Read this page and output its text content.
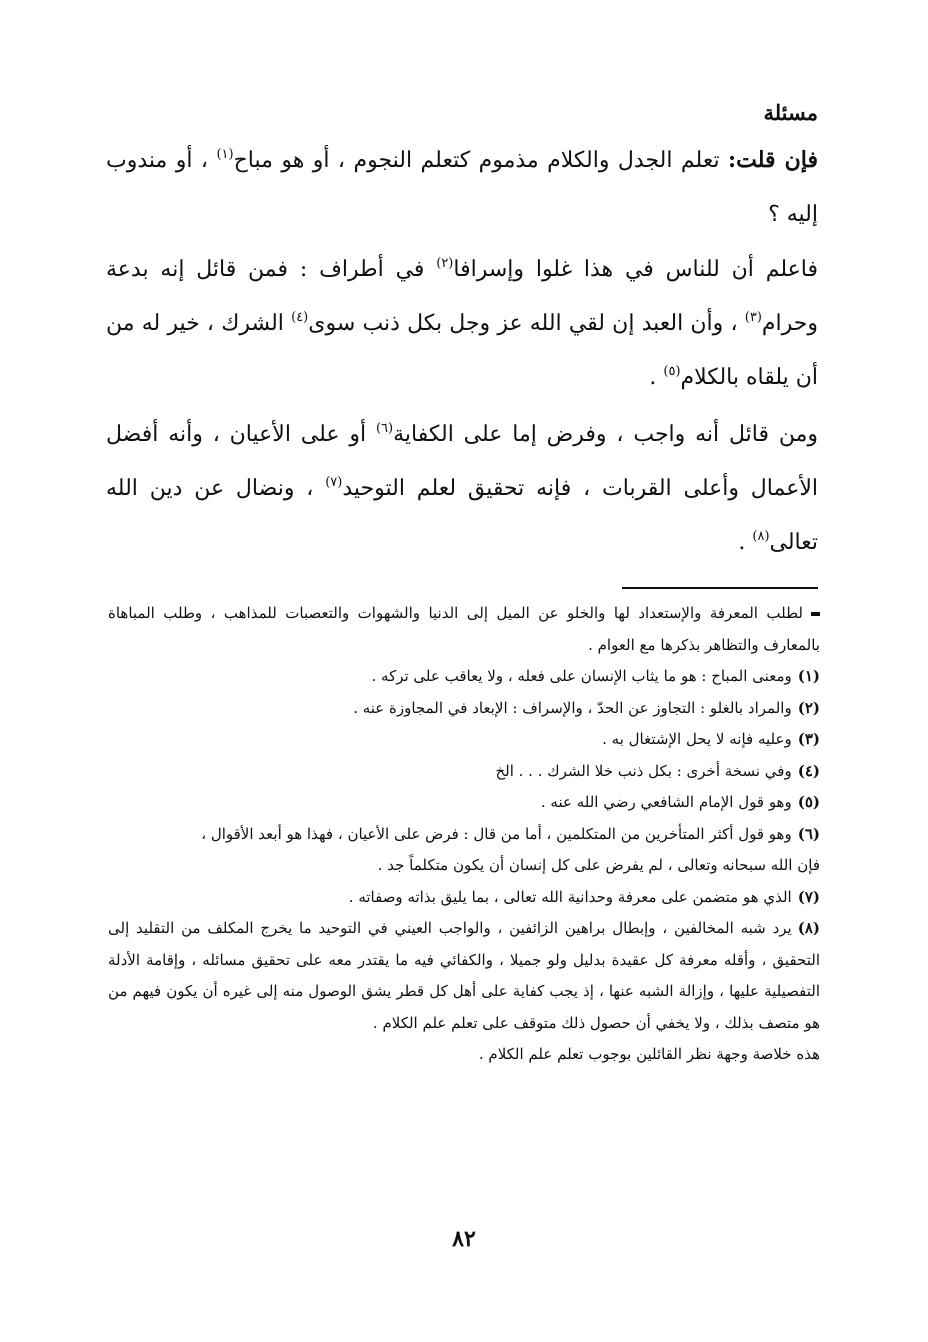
مسئلة

فإن قلت: تعلم الجدل والكلام مذموم كتعلم النجوم ، أو هو مباح$^{(١)}$ ، أو مندوب إليه ؟

فاعلم أن للناس في هذا غلوا وإسرافا$^{(٢)}$ في أطراف : فمن قائل إنه بدعة وحرام$^{(٣)}$ ، وأن العبد إن لقي الله عز وجل بكل ذنب سوى$^{(٤)}$ الشرك ، خير له من أن يلقاه بالكلام$^{(٥)}$ .

ومن قائل أنه واجب ، وفرض إما على الكفاية$^{(٦)}$ أو على الأعيان ، وأنه أفضل الأعمال وأعلى القربات ، فإنه تحقيق لعلم التوحيد$^{(٧)}$ ، ونضال عن دين الله تعالى$^{(٨)}$ .

لطلب المعرفة والإستعداد لها والخلو عن الميل إلى الدنيا والشهوات والتعصبات للمذاهب ، وطلب المباهاة بالمعارف والتظاهر بذكرها مع العوام .
(١)ومعنى المباح : هو ما يثاب الإنسان على فعله ، ولا يعاقب على تركه .
(٢)والمراد بالغلو : التجاوز عن الحدّ ، والإسراف : الإبعاد في المجاوزة عنه .
(٣)وعليه فإنه لا يحل الإشتغال به .
(٤)وفي نسخة أخرى : بكل ذنب خلا الشرك . . . الخ
(٥)وهو قول الإمام الشافعي رضي الله عنه .
(٦)وهو قول أكثر المتأخرين من المتكلمين ، أما من قال : فرض على الأعيان ، فهذا هو أبعد الأقوال ،
فإن الله سبحانه وتعالى ، لم يفرض على كل إنسان أن يكون متكلماً جد .
(٧)الذي هو متضمن على معرفة وحدانية الله تعالى ، بما يليق بذاته وصفاته .
(٨)يرد شبه المخالفين ، وإبطال براهين الزائفين ، والواجب العيني في التوحيد ما يخرج المكلف من التقليد إلى التحقيق ، وأقله معرفة كل عقيدة بدليل ولو جميلا ، والكفائي فيه ما يقتدر معه على تحقيق مسائله ، وإقامة الأدلة التفصيلية عليها ، وإزالة الشبه عنها ، إذ يجب كفاية على أهل كل قطر يشق الوصول منه إلى غيره أن يكون فيهم من هو متصف بذلك ، ولا يخفي أن حصول ذلك متوقف على تعلم علم الكلام .
هذه خلاصة وجهة نظر القائلين بوجوب تعلم علم الكلام .
٨٢
